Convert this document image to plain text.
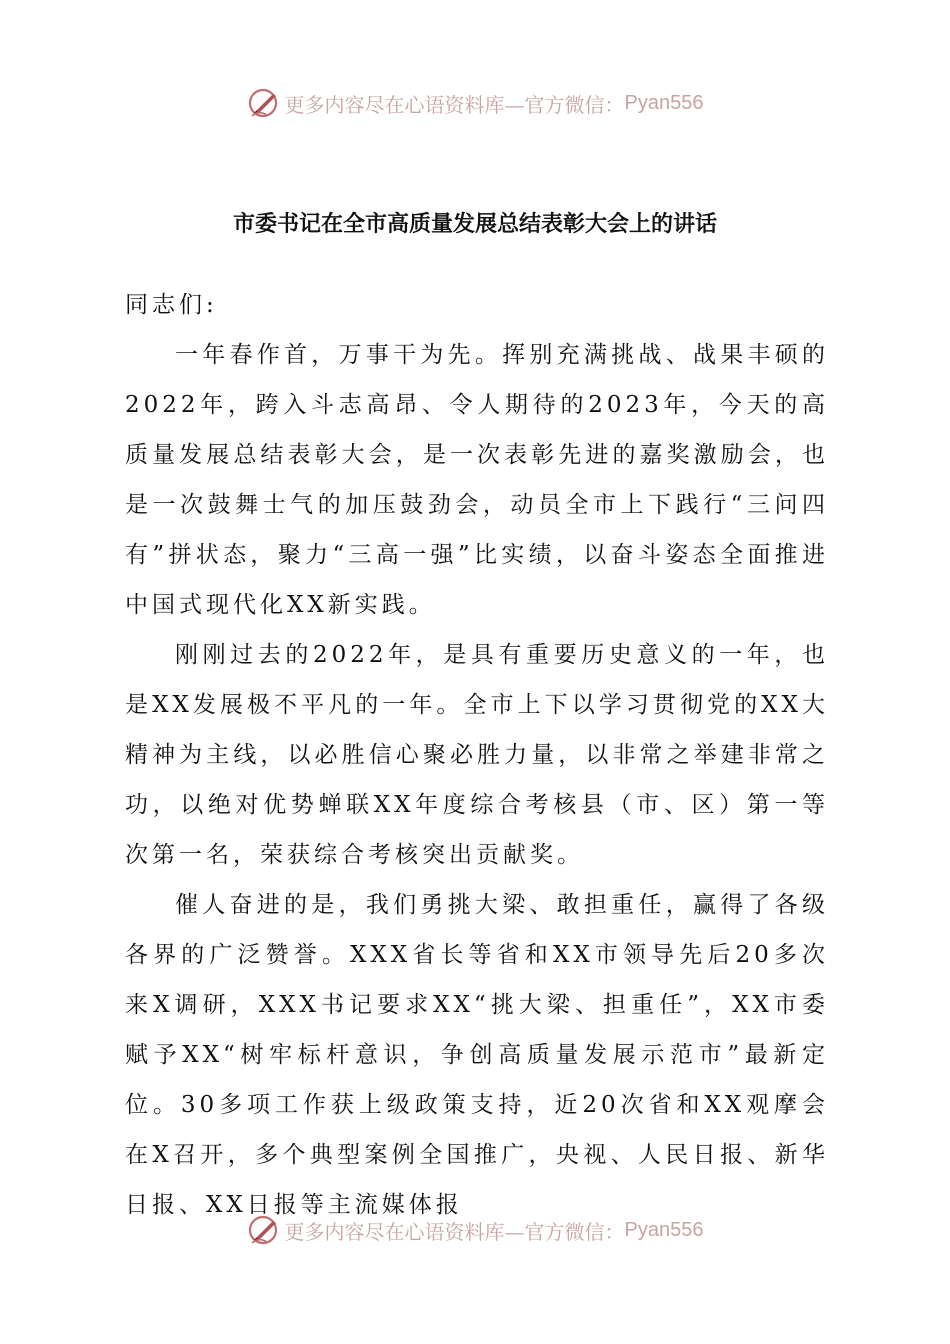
更多内容尽在心语资料库—官方微信： Pyan556
市委书记在全市高质量发展总结表彰大会上的讲话

同志们:

一年春作首，万事干为先。挥别充满挑战、战果丰硕的2022年，跨入斗志高昂、令人期待的2023年，今天的高质量发展总结表彰大会，是一次表彰先进的嘉奖激励会，也是一次鼓舞士气的加压鼓劲会，动员全市上下践行“三问四有”拼状态，聚力“三高一强”比实绩，以奋斗姿态全面推进中国式现代化XX新实践。

刚刚过去的2022年，是具有重要历史意义的一年，也是XX发展极不平凡的一年。全市上下以学习贯彻党的XX大精神为主线，以必胜信心聚必胜力量，以非常之举建非常之功，以绝对优势蝉联XX年度综合考核县（市、区）第一等次第一名，荣获综合考核突出贡献奖。

催人奋进的是，我们勇挑大梁、敢担重任，赢得了各级各界的广泛赞誉。XXX省长等省和XX市领导先后20多次来X调研，XXX书记要求XX“挑大梁、担重任”，XX市委赋予XX“树牢标杆意识，争创高质量发展示范市”最新定位。30多项工作获上级政策支持，近20次省和XX观摩会在X召开，多个典型案例全国推广，央视、人民日报、新华日报、XX日报等主流媒体报

更多内容尽在心语资料库—官方微信： Pyan556
